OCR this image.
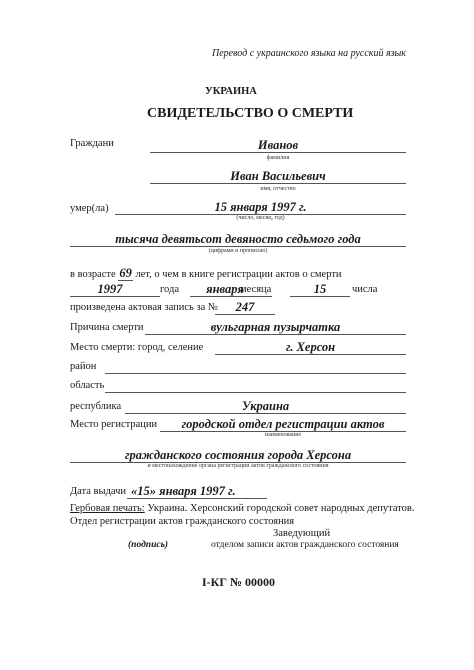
Перевод с украинского языка на русский язык
УКРАИНА
СВИДЕТЕЛЬСТВО О СМЕРТИ
Граждани	Иванов
фамилия
Иван Васильевич
имя, отчество
умер(ла)	15 января 1997 г.
(число, месяц, год)
тысяча девятьсот девяносто седьмого года
(цифрами и прописью)
в возрасте 69 лет, о чем в книге регистрации актов о смерти
1997	года	января
месяца	15	числа
произведена актовая запись за №	247
Причина смерти	вульгарная пузырчатка
Место смерти: город, селение	г. Херсон
район
область
республика	Украина
Место регистрации	городской отдел регистрации актов
наименование
гражданского состояния города Херсона
и местонахождение органа регистрации актов гражданского состояния
Дата выдачи «15» января 1997 г.
Гербовая печать: Украина. Херсонский городской совет народных депутатов.
Отдел регистрации актов гражданского состояния
Заведующий
(подпись)	отделом записи актов гражданского состояния
I-КГ № 00000
